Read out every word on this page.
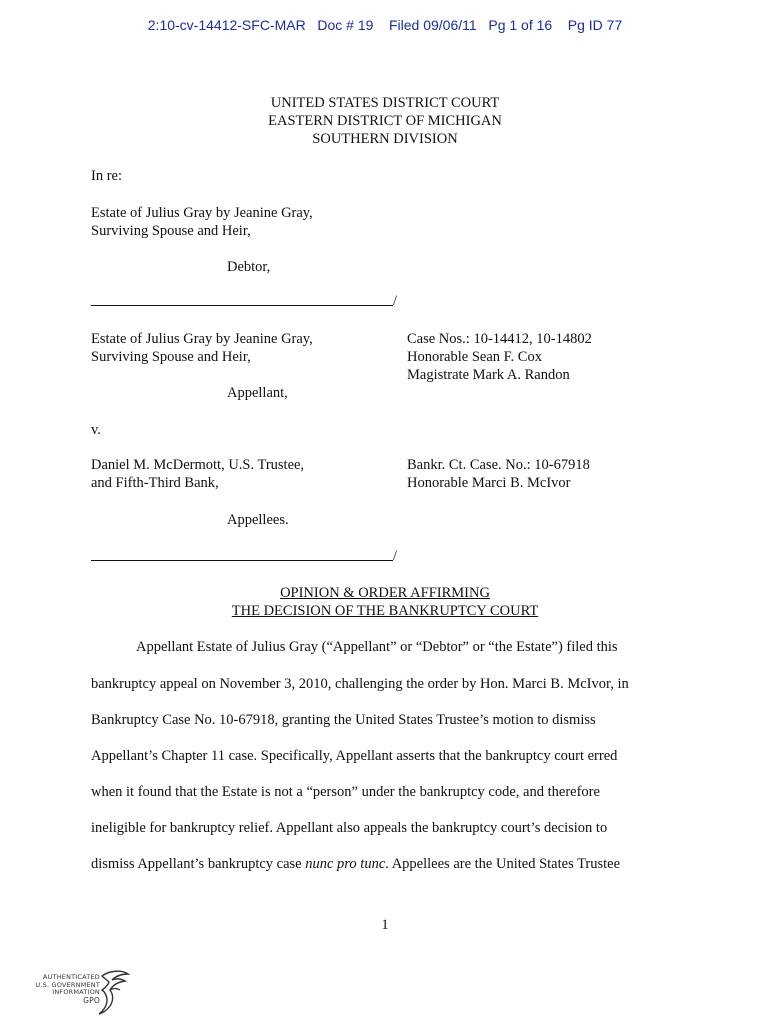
2:10-cv-14412-SFC-MAR Doc # 19 Filed 09/06/11 Pg 1 of 16 Pg ID 77
UNITED STATES DISTRICT COURT
EASTERN DISTRICT OF MICHIGAN
SOUTHERN DIVISION
In re:
Estate of Julius Gray by Jeanine Gray,
Surviving Spouse and Heir,
Debtor,
/
Estate of Julius Gray by Jeanine Gray,
Surviving Spouse and Heir,
Appellant,
Case Nos.: 10-14412, 10-14802
Honorable Sean F. Cox
Magistrate Mark A. Randon
v.
Daniel M. McDermott, U.S. Trustee,
and Fifth-Third Bank,
Appellees.
Bankr. Ct. Case. No.: 10-67918
Honorable Marci B. McIvor
/
OPINION & ORDER AFFIRMING
THE DECISION OF THE BANKRUPTCY COURT
Appellant Estate of Julius Gray (“Appellant” or “Debtor” or “the Estate”) filed this
bankruptcy appeal on November 3, 2010, challenging the order by Hon. Marci B. McIvor, in
Bankruptcy Case No. 10-67918, granting the United States Trustee’s motion to dismiss
Appellant’s Chapter 11 case. Specifically, Appellant asserts that the bankruptcy court erred
when it found that the Estate is not a “person” under the bankruptcy code, and therefore
ineligible for bankruptcy relief. Appellant also appeals the bankruptcy court’s decision to
dismiss Appellant’s bankruptcy case nunc pro tunc. Appellees are the United States Trustee
1
AUTHENTICATED
U.S. GOVERNMENT
INFORMATION
GPO
